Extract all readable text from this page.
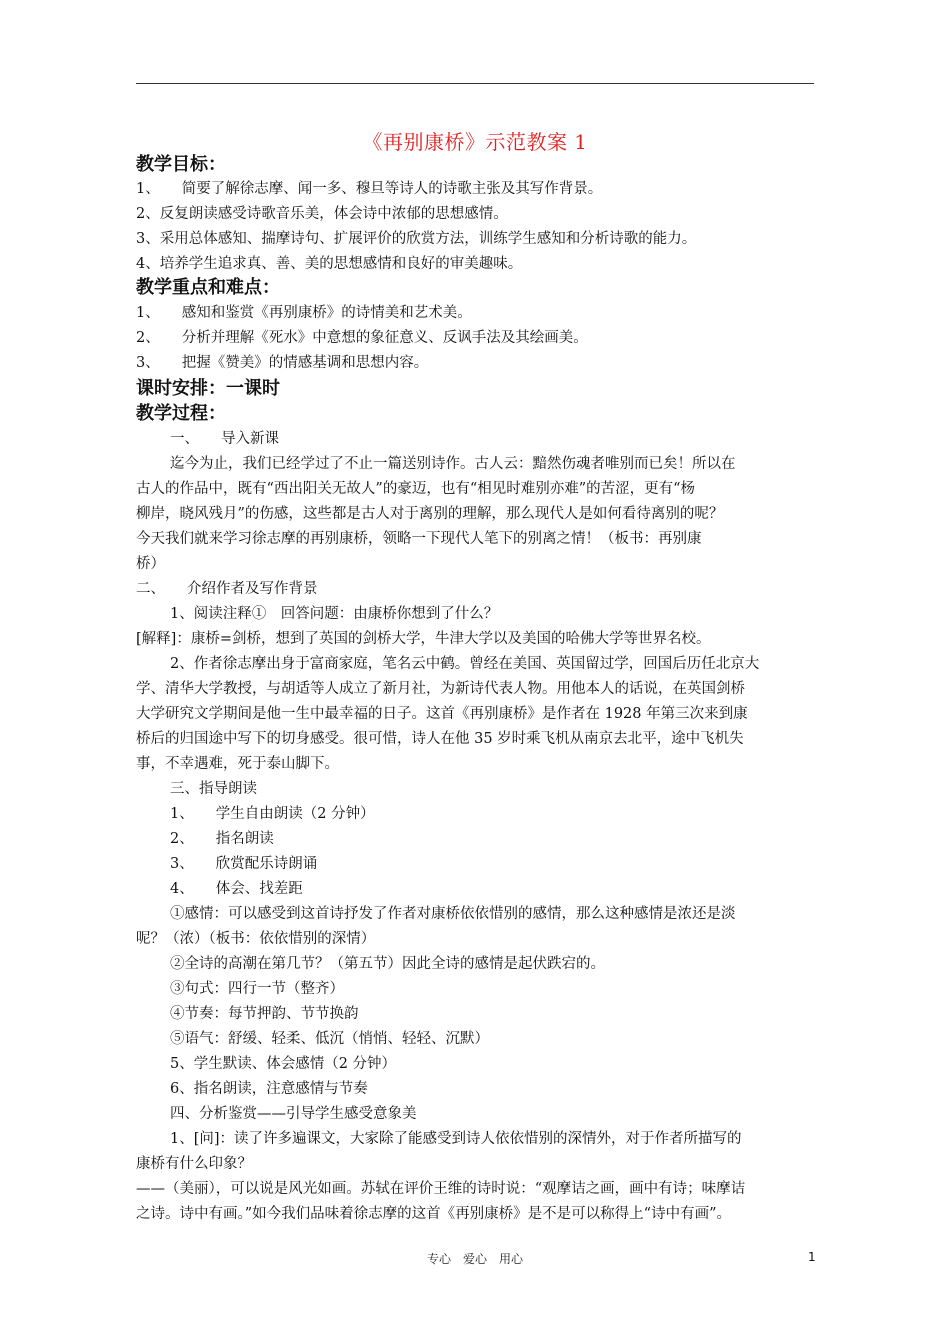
《再别康桥》示范教案 1
教学目标：
1、 简要了解徐志摩、闻一多、穆旦等诗人的诗歌主张及其写作背景。
2、反复朗读感受诗歌音乐美，体会诗中浓郁的思想感情。
3、采用总体感知、揣摩诗句、扩展评价的欣赏方法，训练学生感知和分析诗歌的能力。
4、培养学生追求真、善、美的思想感情和良好的审美趣味。
教学重点和难点：
1、 感知和鉴赏《再别康桥》的诗情美和艺术美。
2、 分析并理解《死水》中意想的象征意义、反讽手法及其绘画美。
3、 把握《赞美》的情感基调和思想内容。
课时安排：一课时
教学过程：
一、 导入新课
迄今为止，我们已经学过了不止一篇送别诗作。古人云：黯然伤魂者唯别而已矣！所以在
古人的作品中，既有“西出阳关无故人”的豪迈，也有“相见时难别亦难”的苦涩，更有“杨
柳岸，晓风残月”的伤感，这些都是古人对于离别的理解，那么现代人是如何看待离别的呢？
今天我们就来学习徐志摩的再别康桥，领略一下现代人笔下的别离之情！（板书：再别康
桥）
二、 介绍作者及写作背景
1、阅读注释①　回答问题：由康桥你想到了什么？
[解释]：康桥=剑桥，想到了英国的剑桥大学，牛津大学以及美国的哈佛大学等世界名校。
2、作者徐志摩出身于富商家庭，笔名云中鹤。曾经在美国、英国留过学，回国后历任北京大
学、清华大学教授，与胡适等人成立了新月社，为新诗代表人物。用他本人的话说，在英国剑桥
大学研究文学期间是他一生中最幸福的日子。这首《再别康桥》是作者在 1928 年第三次来到康
桥后的归国途中写下的切身感受。很可惜，诗人在他 35 岁时乘飞机从南京去北平，途中飞机失
事，不幸遇难，死于泰山脚下。
三、指导朗读
1、 学生自由朗读（2 分钟）
2、 指名朗读
3、 欣赏配乐诗朗诵
4、 体会、找差距
①感情：可以感受到这首诗抒发了作者对康桥依依惜别的感情，那么这种感情是浓还是淡
呢？（浓）（板书：依依惜别的深情）
②全诗的高潮在第几节？（第五节）因此全诗的感情是起伏跌宕的。
③句式：四行一节（整齐）
④节奏：每节押韵、节节换韵
⑤语气：舒缓、轻柔、低沉（悄悄、轻轻、沉默）
5、学生默读、体会感情（2 分钟）
6、指名朗读，注意感情与节奏
四、分析鉴赏——引导学生感受意象美
1、[问]：读了许多遍课文，大家除了能感受到诗人依依惜别的深情外，对于作者所描写的
康桥有什么印象？
——（美丽），可以说是风光如画。苏轼在评价王维的诗时说：“观摩诘之画，画中有诗；味摩诘
之诗。诗中有画。”如今我们品味着徐志摩的这首《再别康桥》是不是可以称得上“诗中有画”。
专心　爱心　用心	1
